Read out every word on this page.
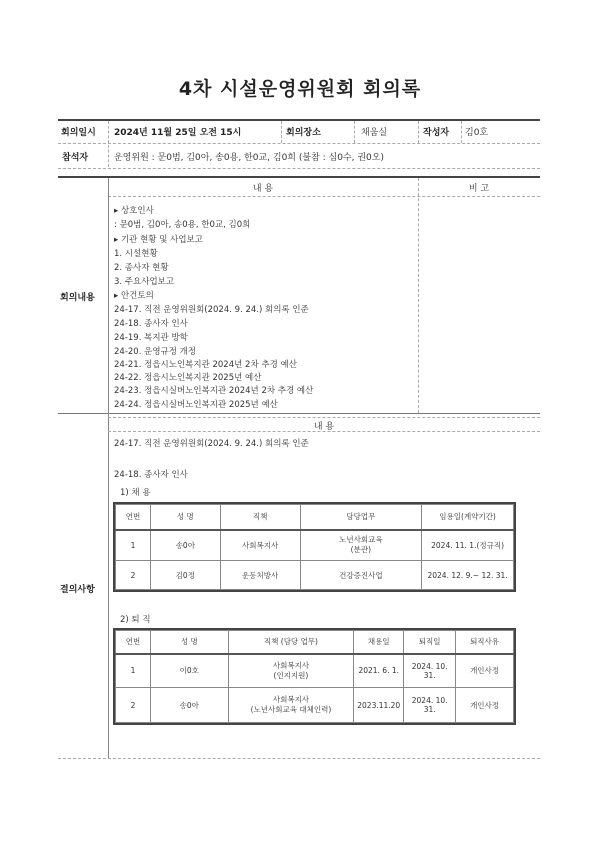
4차 시설운영위원회 회의록
회의일시 2024년 11월 25일 오전 15시	회의장소	채움실	작성자 김0호
참석자	운영위원 : 문0범, 김0아, 송0용, 한0교, 김0희 (불참 : 심0수, 권0오)
내 용	비 고
회의내용
▸ 상호인사
: 문0범, 김0아, 송0용, 한0교, 김0희
▸ 기관 현황 및 사업보고
1. 시설현황
2. 종사자 현황
3. 주요사업보고
▸ 안건토의
24-17. 직전 운영위원회(2024. 9. 24.) 회의록 인준
24-18. 종사자 인사
24-19. 복지관 방학
24-20. 운영규정 개정
24-21. 정읍시노인복지관 2024년 2차 추경 예산
24-22. 정읍시노인복지관 2025년 예산
24-23. 정읍시실버노인복지관 2024년 2차 추경 예산
24-24. 정읍시실버노인복지관 2025년 예산
내 용
결의사항
24-17. 직전 운영위원회(2024. 9. 24.) 회의록 인준
24-18. 종사자 인사
1) 채 용
연번	성 명	직책	담당업무	임용일(계약기간)
1	송0아	사회복지사	노년사회교육
(분관)	2024. 11. 1.(정규직)
2	김0정	운동처방사	건강증진사업	2024. 12. 9.~ 12. 31.
2) 퇴 직
연번	성 명	직책 (담당 업무)	채용일	퇴직일	퇴직사유
1	이0호	사회복지사
(인지지원)	2021. 6. 1.	2024. 10. 31.	개인사정
2	송0아	사회복지사
(노년사회교육 대체인력)	2023.11.20	2024. 10. 31.	개인사정
